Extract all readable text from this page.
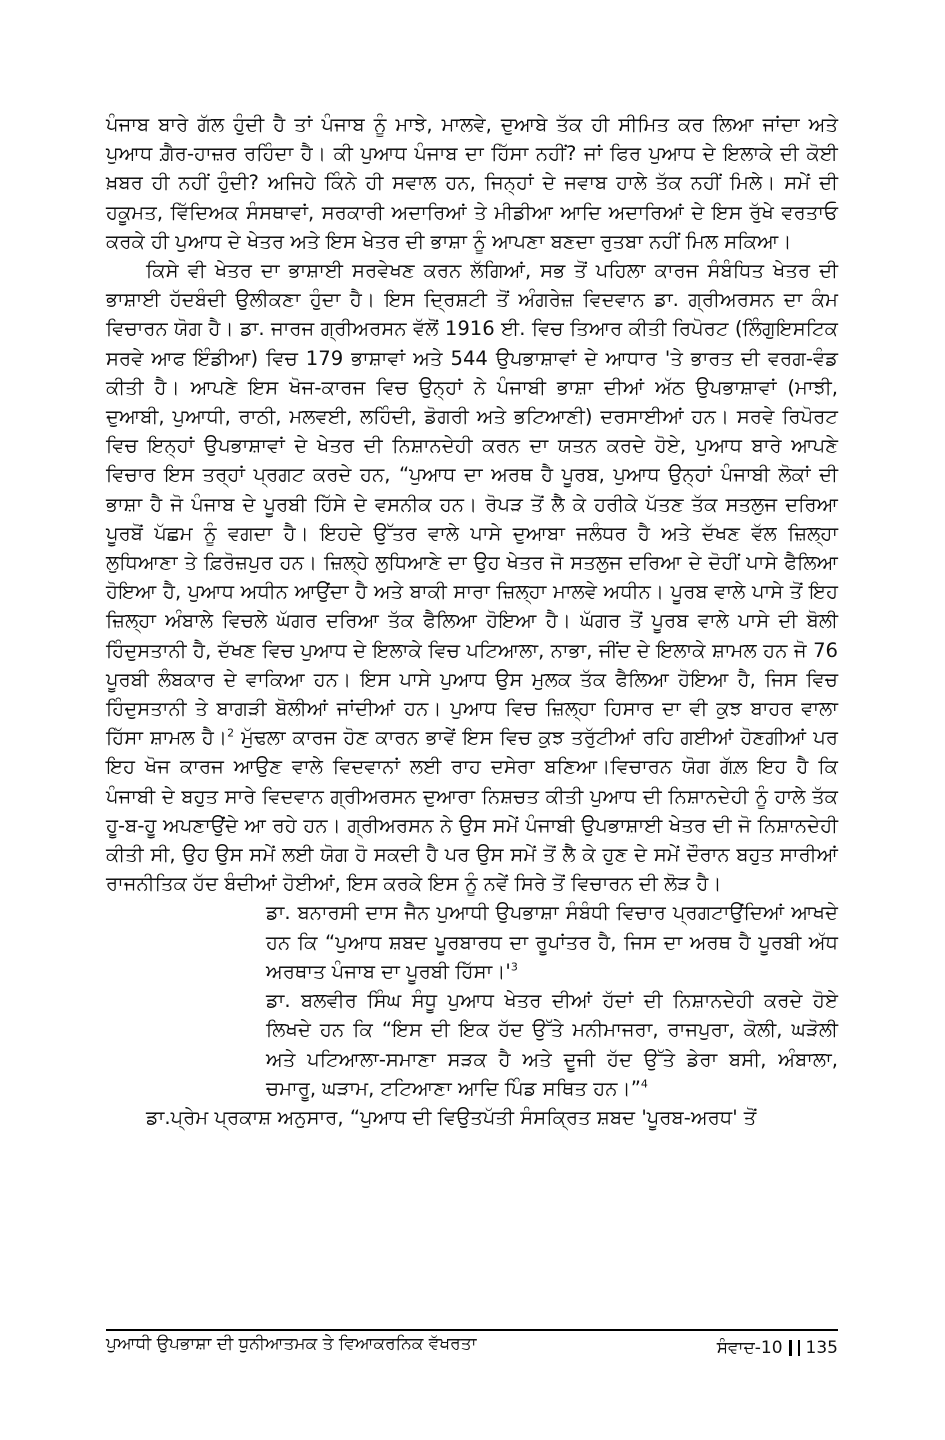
ਪੰਜਾਬ ਬਾਰੇ ਗੱਲ ਹੁੰਦੀ ਹੈ ਤਾਂ ਪੰਜਾਬ ਨੂੰ ਮਾਝੇ, ਮਾਲਵੇ, ਦੁਆਬੇ ਤੱਕ ਹੀ ਸੀਮਿਤ ਕਰ ਲਿਆ ਜਾਂਦਾ ਅਤੇ ਪੁਆਧ ਗ਼ੈਰ-ਹਾਜ਼ਰ ਰਹਿੰਦਾ ਹੈ। ਕੀ ਪੁਆਧ ਪੰਜਾਬ ਦਾ ਹਿੱਸਾ ਨਹੀਂ? ਜਾਂ ਫਿਰ ਪੁਆਧ ਦੇ ਇਲਾਕੇ ਦੀ ਕੋਈ ਖ਼ਬਰ ਹੀ ਨਹੀਂ ਹੁੰਦੀ? ਅਜਿਹੇ ਕਿੰਨੇ ਹੀ ਸਵਾਲ ਹਨ, ਜਿਨ੍ਹਾਂ ਦੇ ਜਵਾਬ ਹਾਲੇ ਤੱਕ ਨਹੀਂ ਮਿਲੇ। ਸਮੇਂ ਦੀ ਹਕੂਮਤ, ਵਿੱਦਿਅਕ ਸੰਸਥਾਵਾਂ, ਸਰਕਾਰੀ ਅਦਾਰਿਆਂ ਤੇ ਮੀਡੀਆ ਆਦਿ ਅਦਾਰਿਆਂ ਦੇ ਇਸ ਰੁੱਖੇ ਵਰਤਾਓ ਕਰਕੇ ਹੀ ਪੁਆਧ ਦੇ ਖੇਤਰ ਅਤੇ ਇਸ ਖੇਤਰ ਦੀ ਭਾਸ਼ਾ ਨੂੰ ਆਪਣਾ ਬਣਦਾ ਰੁਤਬਾ ਨਹੀਂ ਮਿਲ ਸਕਿਆ।

ਕਿਸੇ ਵੀ ਖੇਤਰ ਦਾ ਭਾਸ਼ਾਈ ਸਰਵੇਖਣ ਕਰਨ ਲੱਗਿਆਂ, ਸਭ ਤੋਂ ਪਹਿਲਾ ਕਾਰਜ ਸੰਬੰਧਿਤ ਖੇਤਰ ਦੀ ਭਾਸ਼ਾਈ ਹੱਦਬੰਦੀ ਉਲੀਕਣਾ ਹੁੰਦਾ ਹੈ। ਇਸ ਦ੍ਰਿਸ਼ਟੀ ਤੋਂ ਅੰਗਰੇਜ਼ ਵਿਦਵਾਨ ਡਾ. ਗ੍ਰੀਅਰਸਨ ਦਾ ਕੰਮ ਵਿਚਾਰਨ ਯੋਗ ਹੈ। ਡਾ. ਜਾਰਜ ਗ੍ਰੀਅਰਸਨ ਵੱਲੋਂ 1916 ਈ. ਵਿਚ ਤਿਆਰ ਕੀਤੀ ਰਿਪੋਰਟ (ਲਿੰਗੁਇਸਟਿਕ ਸਰਵੇ ਆਫ ਇੰਡੀਆ) ਵਿਚ 179 ਭਾਸ਼ਾਵਾਂ ਅਤੇ 544 ਉਪਭਾਸ਼ਾਵਾਂ ਦੇ ਆਧਾਰ 'ਤੇ ਭਾਰਤ ਦੀ ਵਰਗ-ਵੰਡ ਕੀਤੀ ਹੈ। ਆਪਣੇ ਇਸ ਖੋਜ-ਕਾਰਜ ਵਿਚ ਉਨ੍ਹਾਂ ਨੇ ਪੰਜਾਬੀ ਭਾਸ਼ਾ ਦੀਆਂ ਅੱਠ ਉਪਭਾਸ਼ਾਵਾਂ (ਮਾਝੀ, ਦੁਆਬੀ, ਪੁਆਧੀ, ਰਾਠੀ, ਮਲਵਈ, ਲਹਿੰਦੀ, ਡੋਗਰੀ ਅਤੇ ਭਟਿਆਣੀ) ਦਰਸਾਈਆਂ ਹਨ। ਸਰਵੇ ਰਿਪੋਰਟ ਵਿਚ ਇਨ੍ਹਾਂ ਉਪਭਾਸ਼ਾਵਾਂ ਦੇ ਖੇਤਰ ਦੀ ਨਿਸ਼ਾਨਦੇਹੀ ਕਰਨ ਦਾ ਯਤਨ ਕਰਦੇ ਹੋਏ, ਪੁਆਧ ਬਾਰੇ ਆਪਣੇ ਵਿਚਾਰ ਇਸ ਤਰ੍ਹਾਂ ਪ੍ਰਗਟ ਕਰਦੇ ਹਨ, “ਪੁਆਧ ਦਾ ਅਰਥ ਹੈ ਪੂਰਬ, ਪੁਆਧ ਉਨ੍ਹਾਂ ਪੰਜਾਬੀ ਲੋਕਾਂ ਦੀ ਭਾਸ਼ਾ ਹੈ ਜੋ ਪੰਜਾਬ ਦੇ ਪੂਰਬੀ ਹਿੱਸੇ ਦੇ ਵਸਨੀਕ ਹਨ। ਰੋਪੜ ਤੋਂ ਲੈ ਕੇ ਹਰੀਕੇ ਪੱਤਣ ਤੱਕ ਸਤਲੁਜ ਦਰਿਆ ਪੂਰਬੋਂ ਪੱਛਮ ਨੂੰ ਵਗਦਾ ਹੈ। ਇਹਦੇ ਉੱਤਰ ਵਾਲੇ ਪਾਸੇ ਦੁਆਬਾ ਜਲੰਧਰ ਹੈ ਅਤੇ ਦੱਖਣ ਵੱਲ ਜ਼ਿਲ੍ਹਾ ਲੁਧਿਆਣਾ ਤੇ ਫ਼ਿਰੋਜ਼ਪੁਰ ਹਨ। ਜ਼ਿਲ੍ਹੇ ਲੁਧਿਆਣੇ ਦਾ ਉਹ ਖੇਤਰ ਜੋ ਸਤਲੁਜ ਦਰਿਆ ਦੇ ਦੋਹੀਂ ਪਾਸੇ ਫੈਲਿਆ ਹੋਇਆ ਹੈ, ਪੁਆਧ ਅਧੀਨ ਆਉਂਦਾ ਹੈ ਅਤੇ ਬਾਕੀ ਸਾਰਾ ਜ਼ਿਲ੍ਹਾ ਮਾਲਵੇ ਅਧੀਨ। ਪੂਰਬ ਵਾਲੇ ਪਾਸੇ ਤੋਂ ਇਹ ਜ਼ਿਲ੍ਹਾ ਅੰਬਾਲੇ ਵਿਚਲੇ ਘੱਗਰ ਦਰਿਆ ਤੱਕ ਫੈਲਿਆ ਹੋਇਆ ਹੈ। ਘੱਗਰ ਤੋਂ ਪੂਰਬ ਵਾਲੇ ਪਾਸੇ ਦੀ ਬੋਲੀ ਹਿੰਦੁਸਤਾਨੀ ਹੈ, ਦੱਖਣ ਵਿਚ ਪੁਆਧ ਦੇ ਇਲਾਕੇ ਵਿਚ ਪਟਿਆਲਾ, ਨਾਭਾ, ਜੀਂਦ ਦੇ ਇਲਾਕੇ ਸ਼ਾਮਲ ਹਨ ਜੋ 76 ਪੂਰਬੀ ਲੰਬਕਾਰ ਦੇ ਵਾਕਿਆ ਹਨ। ਇਸ ਪਾਸੇ ਪੁਆਧ ਉਸ ਮੁਲਕ ਤੱਕ ਫੈਲਿਆ ਹੋਇਆ ਹੈ, ਜਿਸ ਵਿਚ ਹਿੰਦੁਸਤਾਨੀ ਤੇ ਬਾਗੜੀ ਬੋਲੀਆਂ ਜਾਂਦੀਆਂ ਹਨ। ਪੁਆਧ ਵਿਚ ਜ਼ਿਲ੍ਹਾ ਹਿਸਾਰ ਦਾ ਵੀ ਕੁਝ ਬਾਹਰ ਵਾਲਾ ਹਿੱਸਾ ਸ਼ਾਮਲ ਹੈ।$^2$ ਮੁੱਢਲਾ ਕਾਰਜ ਹੋਣ ਕਾਰਨ ਭਾਵੇਂ ਇਸ ਵਿਚ ਕੁਝ ਤਰੁੱਟੀਆਂ ਰਹਿ ਗਈਆਂ ਹੋਣਗੀਆਂ ਪਰ ਇਹ ਖੋਜ ਕਾਰਜ ਆਉਣ ਵਾਲੇ ਵਿਦਵਾਨਾਂ ਲਈ ਰਾਹ ਦਸੇਰਾ ਬਣਿਆ।ਵਿਚਾਰਨ ਯੋਗ ਗੱਲ਼ ਇਹ ਹੈ ਕਿ ਪੰਜਾਬੀ ਦੇ ਬਹੁਤ ਸਾਰੇ ਵਿਦਵਾਨ ਗ੍ਰੀਅਰਸਨ ਦੁਆਰਾ ਨਿਸ਼ਚਤ ਕੀਤੀ ਪੁਆਧ ਦੀ ਨਿਸ਼ਾਨਦੇਹੀ ਨੂੰ ਹਾਲੇ ਤੱਕ ਹੂ-ਬ-ਹੂ ਅਪਣਾਉਂਦੇ ਆ ਰਹੇ ਹਨ। ਗ੍ਰੀਅਰਸਨ ਨੇ ਉਸ ਸਮੇਂ ਪੰਜਾਬੀ ਉਪਭਾਸ਼ਾਈ ਖੇਤਰ ਦੀ ਜੋ ਨਿਸ਼ਾਨਦੇਹੀ ਕੀਤੀ ਸੀ, ਉਹ ਉਸ ਸਮੇਂ ਲਈ ਯੋਗ ਹੋ ਸਕਦੀ ਹੈ ਪਰ ਉਸ ਸਮੇਂ ਤੋਂ ਲੈ ਕੇ ਹੁਣ ਦੇ ਸਮੇਂ ਦੌਰਾਨ ਬਹੁਤ ਸਾਰੀਆਂ ਰਾਜਨੀਤਿਕ ਹੱਦ ਬੰਦੀਆਂ ਹੋਈਆਂ, ਇਸ ਕਰਕੇ ਇਸ ਨੂੰ ਨਵੇਂ ਸਿਰੇ ਤੋਂ ਵਿਚਾਰਨ ਦੀ ਲੋੜ ਹੈ।

ਡਾ. ਬਨਾਰਸੀ ਦਾਸ ਜੈਨ ਪੁਆਧੀ ਉਪਭਾਸ਼ਾ ਸੰਬੰਧੀ ਵਿਚਾਰ ਪ੍ਰਗਟਾਉਂਦਿਆਂ ਆਖਦੇ ਹਨ ਕਿ “ਪੁਆਧ ਸ਼ਬਦ ਪੂਰਬਾਰਧ ਦਾ ਰੂਪਾਂਤਰ ਹੈ, ਜਿਸ ਦਾ ਅਰਥ ਹੈ ਪੂਰਬੀ ਅੱਧ ਅਰਥਾਤ ਪੰਜਾਬ ਦਾ ਪੂਰਬੀ $ਹਿੱਸਾ।'^3$

ਡਾ. ਬਲਵੀਰ ਸਿੰਘ ਸੰਧੂ ਪੁਆਧ ਖੇਤਰ ਦੀਆਂ ਹੱਦਾਂ ਦੀ ਨਿਸ਼ਾਨਦੇਹੀ ਕਰਦੇ ਹੋਏ ਲਿਖਦੇ ਹਨ ਕਿ “ਇਸ ਦੀ ਇਕ ਹੱਦ ਉੱਤੇ ਮਨੀਮਾਜਰਾ, ਰਾਜਪੁਰਾ, ਕੋਲੀ, ਘੜੋਲੀ ਅਤੇ ਪਟਿਆਲਾ-ਸਮਾਣਾ ਸੜਕ ਹੈ ਅਤੇ ਦੂਜੀ ਹੱਦ ਉੱਤੇ ਡੇਰਾ ਬਸੀ, ਅੰਬਾਲਾ, ਚਮਾਰੂ, ਘੜਾਮ, ਟਟਿਆਣਾ ਆਦਿ ਪਿੰਡ ਸਥਿਤ ਹਨ।”$^4$

ਡਾ.ਪ੍ਰੇਮ ਪ੍ਰਕਾਸ਼ ਅਨੁਸਾਰ, “ਪੁਆਧ ਦੀ ਵਿਉਤਪੱਤੀ ਸੰਸਕ੍ਰਿਤ ਸ਼ਬਦ 'ਪੂਰਬ-ਅਰਧ' ਤੋਂ

ਪੁਆਧੀ ਉਪਭਾਸ਼ਾ ਦੀ ਧੁਨੀਆਤਮਕ ਤੇ ਵਿਆਕਰਨਿਕ ਵੱਖਰਤਾ	ਸੰਵਾਦ-10 135
